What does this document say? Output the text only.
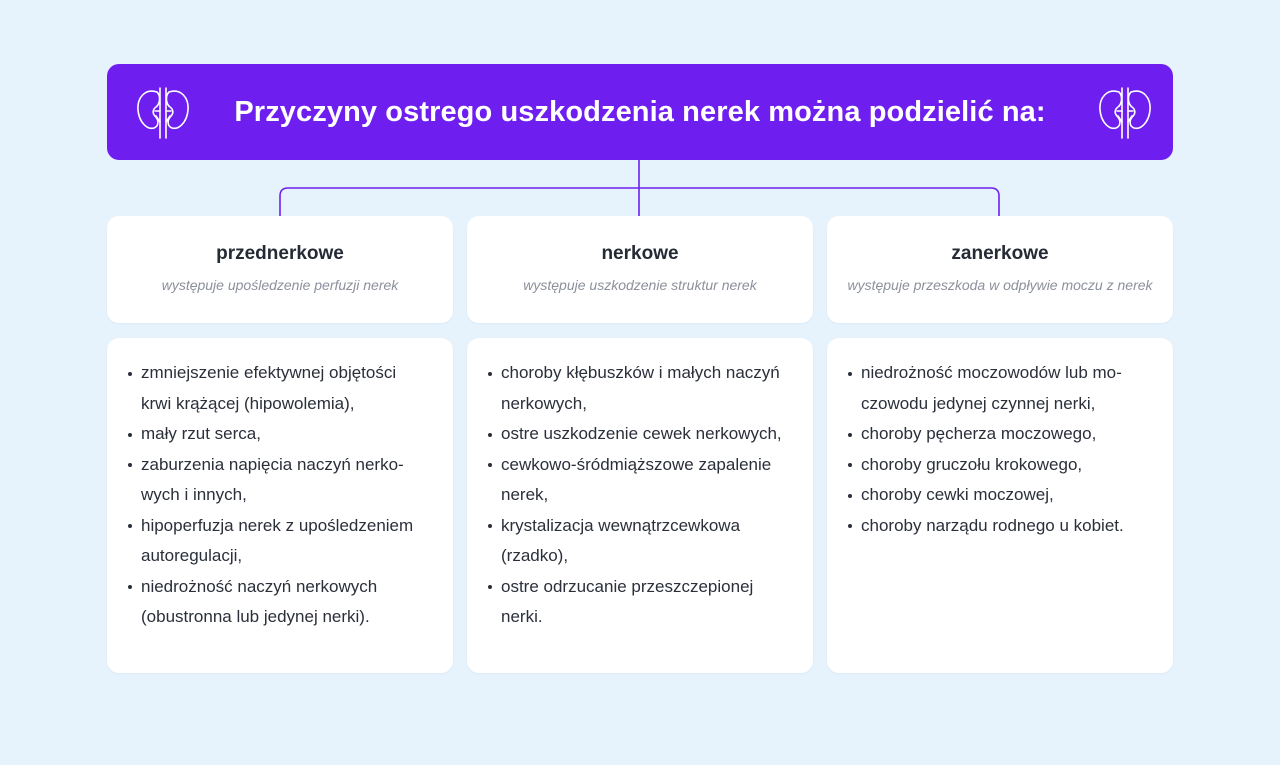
Przyczyny ostrego uszkodzenia nerek można podzielić na:
przednerkowe
występuje upośledzenie perfuzji nerek
nerkowe
występuje uszkodzenie struktur nerek
zanerkowe
występuje przeszkoda w odpływie moczu z nerek
zmniejszenie efektywnej objętości
krwi krążącej (hipowolemia),
mały rzut serca,
zaburzenia napięcia naczyń nerko-
wych i innych,
hipoperfuzja nerek z upośledzeniem
autoregulacji,
niedrożność naczyń nerkowych
(obustronna lub jedynej nerki).
choroby kłębuszków i małych naczyń
nerkowych,
ostre uszkodzenie cewek nerkowych,
cewkowo-śródmiąższowe zapalenie
nerek,
krystalizacja wewnątrzcewkowa
(rzadko),
ostre odrzucanie przeszczepionej
nerki.
niedrożność moczowodów lub mo-
czowodu jedynej czynnej nerki,
choroby pęcherza moczowego,
choroby gruczołu krokowego,
choroby cewki moczowej,
choroby narządu rodnego u kobiet.
